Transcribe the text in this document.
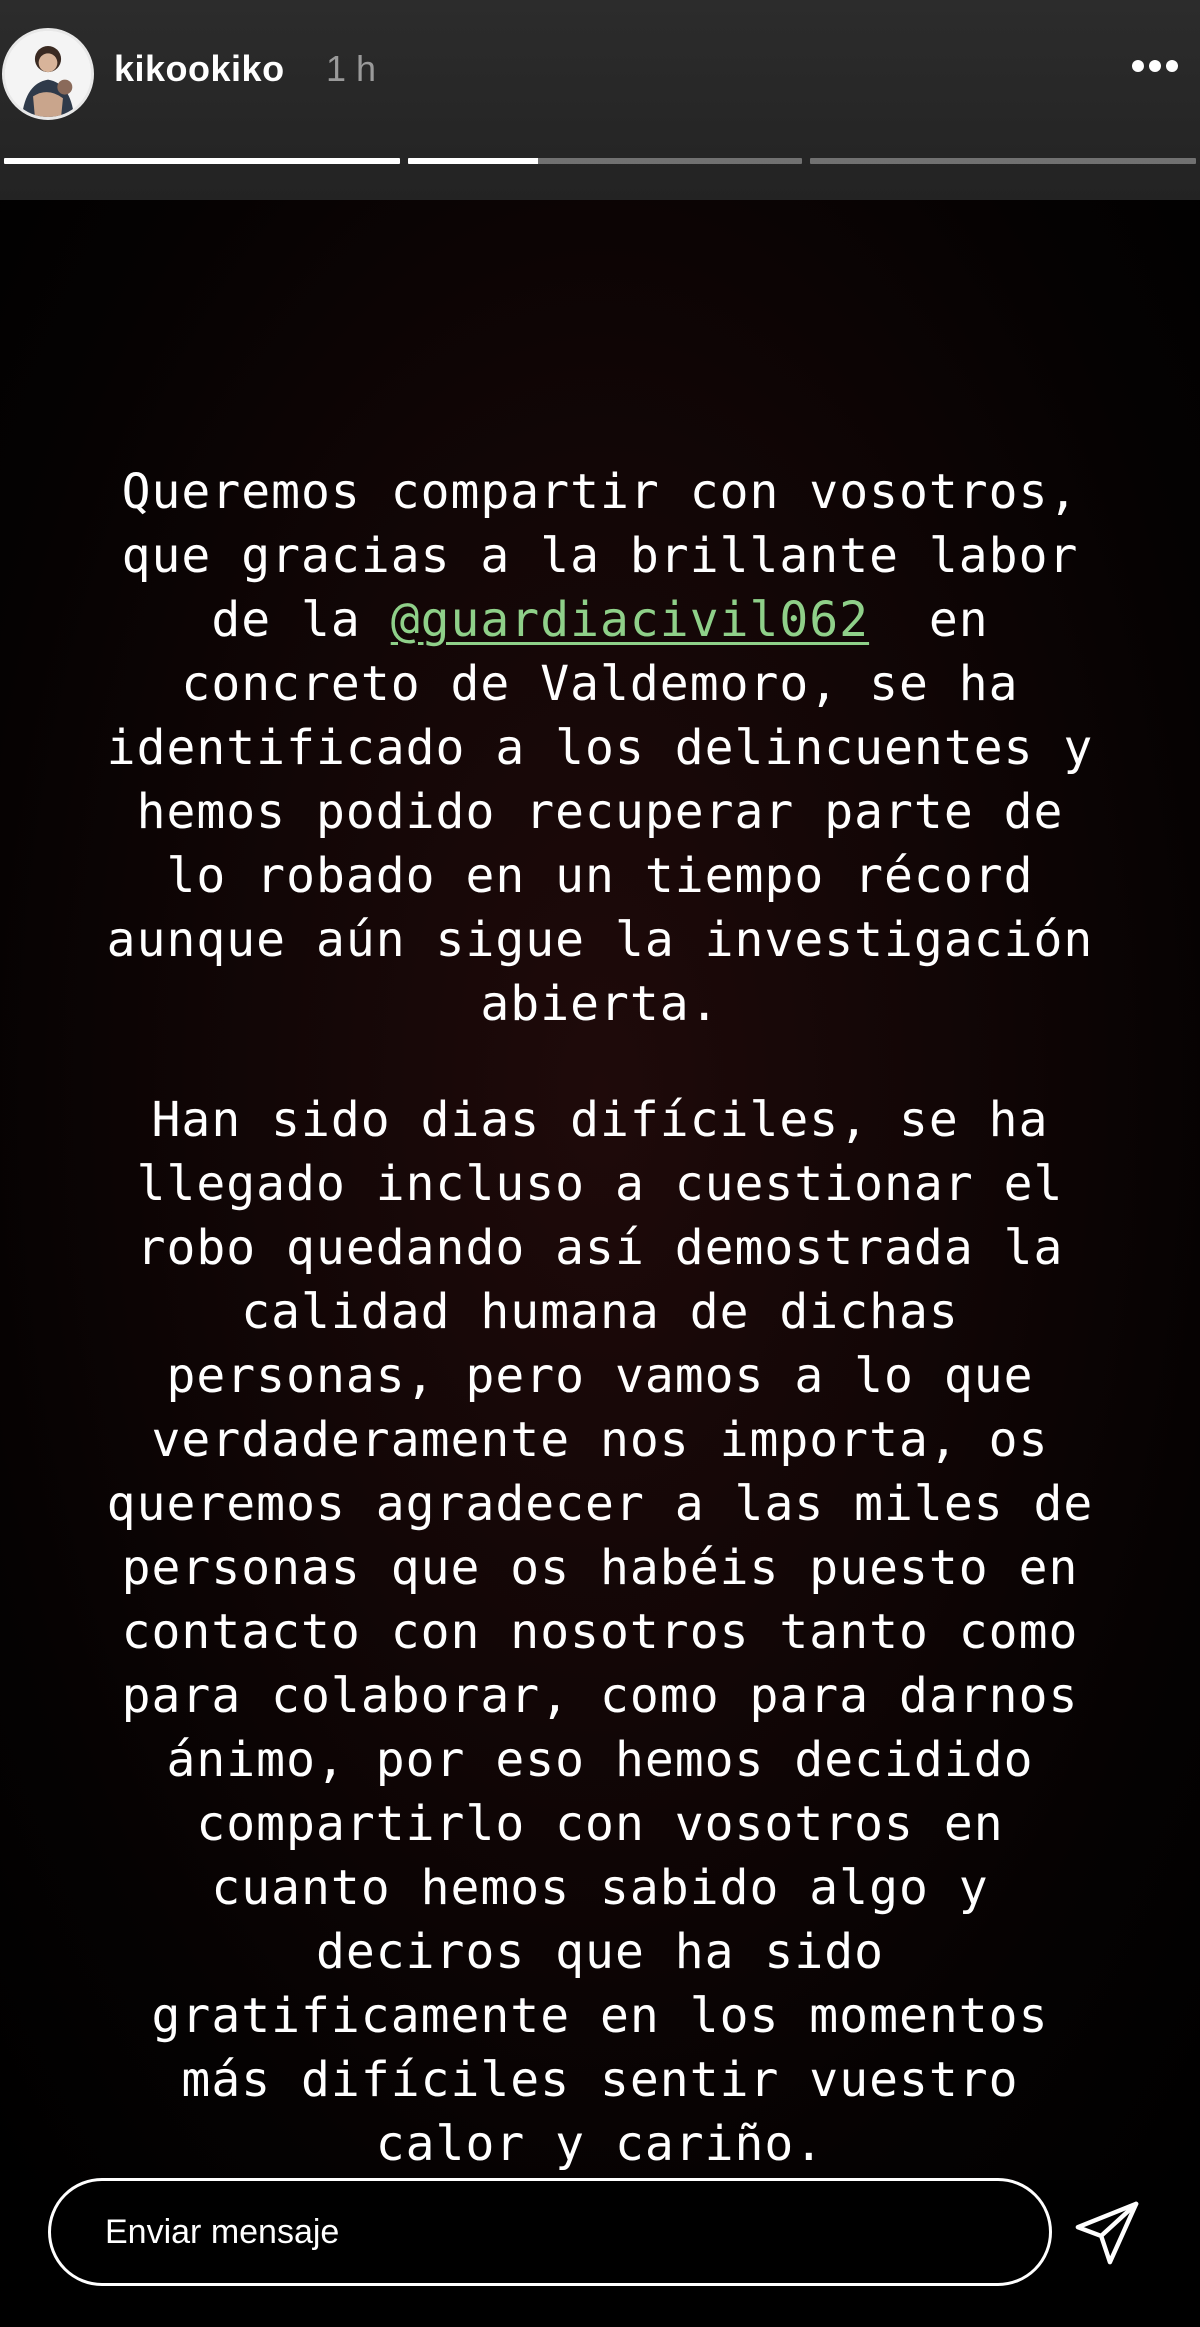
kikookiko 1 h
Queremos compartir con vosotros,
que gracias a la brillante labor
de la @guardiacivil062  en
concreto de Valdemoro, se ha
identificado a los delincuentes y
hemos podido recuperar parte de
lo robado en un tiempo récord
aunque aún sigue la investigación
abierta.
Han sido dias difíciles, se ha
llegado incluso a cuestionar el
robo quedando así demostrada la
calidad humana de dichas
personas, pero vamos a lo que
verdaderamente nos importa, os
queremos agradecer a las miles de
personas que os habéis puesto en
contacto con nosotros tanto como
para colaborar, como para darnos
ánimo, por eso hemos decidido
compartirlo con vosotros en
cuanto hemos sabido algo y
deciros que ha sido
gratificamente en los momentos
más difíciles sentir vuestro
calor y cariño.
Enviar mensaje
